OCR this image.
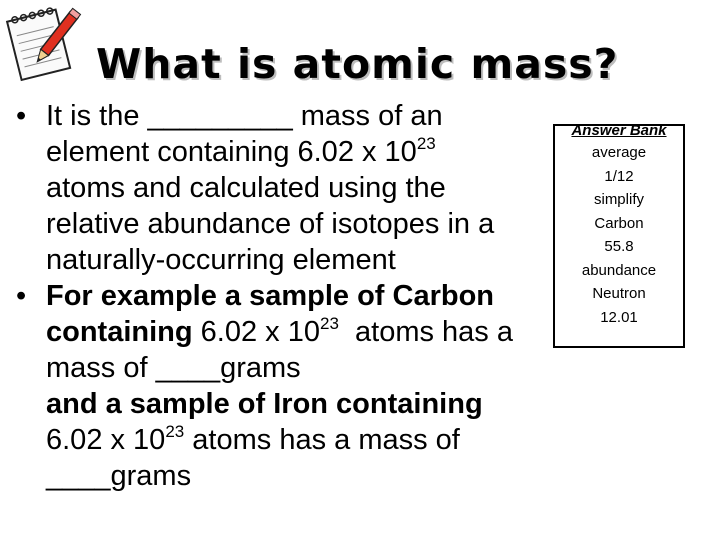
What is atomic mass?
• It is the _________ mass of an
element containing 6.02 x $10^{23}$
atoms and calculated using the
relative abundance of isotopes in a
naturally-occurring element
• For example a sample of Carbon
containing 6.02 x $10^{23}$  atoms has a
mass of ____grams
and a sample of Iron containing
6.02 x $10^{23}$ atoms has a mass of
____grams
Answer Bank
average
1/12
simplify
Carbon
55.8
abundance
Neutron
12.01
